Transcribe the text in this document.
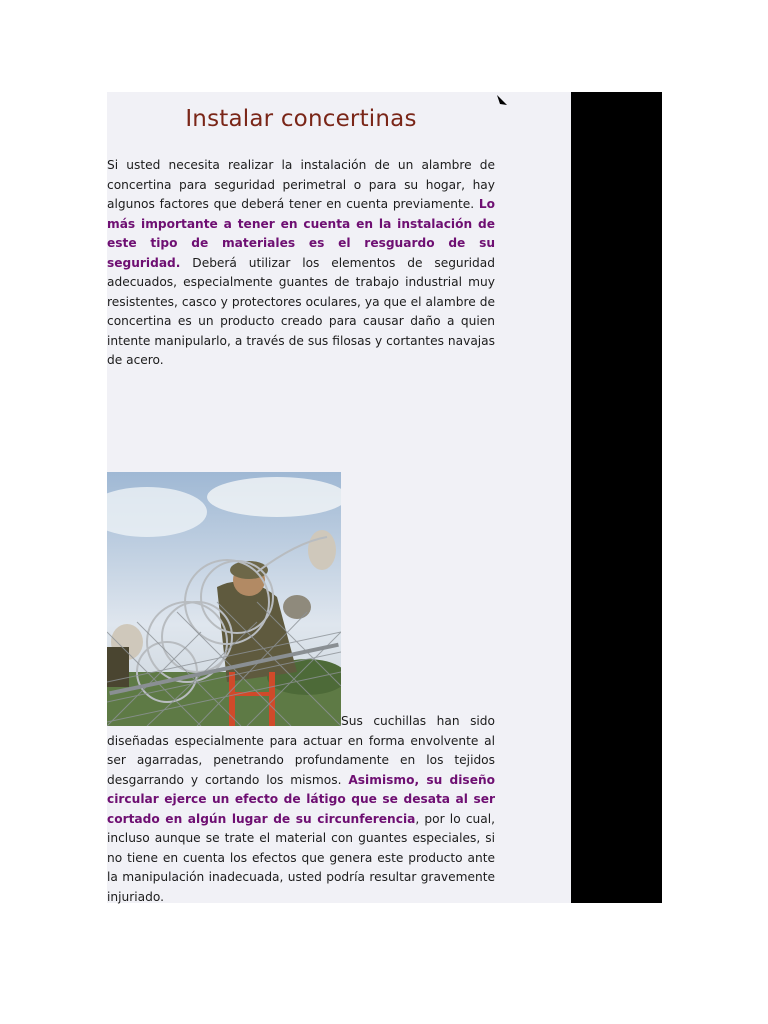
Instalar concertinas

Si usted necesita realizar la instalación de un alambre de concertina para seguridad perimetral o para su hogar, hay algunos factores que deberá tener en cuenta previamente. Lo más importante a tener en cuenta en la instalación de este tipo de materiales es el resguardo de su seguridad. Deberá utilizar los elementos de seguridad adecuados, especialmente guantes de trabajo industrial muy resistentes, casco y protectores oculares, ya que el alambre de concertina es un producto creado para causar daño a quien intente manipularlo, a través de sus filosas y cortantes navajas de acero.

Sus cuchillas han sido diseñadas especialmente para actuar en forma envolvente al ser agarradas, penetrando profundamente en los tejidos desgarrando y cortando los mismos. Asimismo, su diseño circular ejerce un efecto de látigo que se desata al ser cortado en algún lugar de su circunferencia, por lo cual, incluso aunque se trate el material con guantes especiales, si no tiene en cuenta los efectos que genera este producto ante la manipulación inadecuada, usted podría resultar gravemente injuriado.
